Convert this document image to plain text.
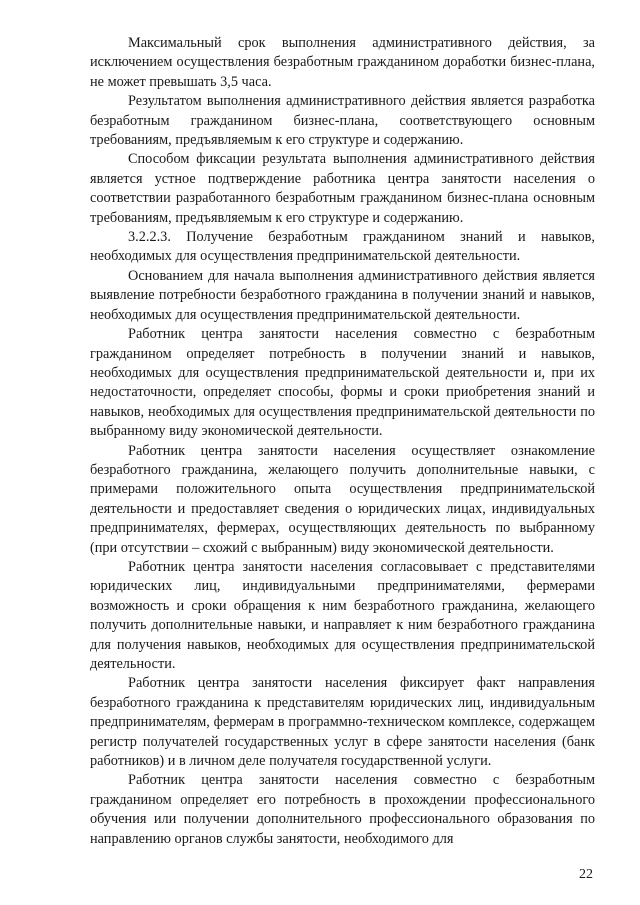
Максимальный срок выполнения административного действия, за исключением осуществления безработным гражданином доработки бизнес-плана, не может превышать 3,5 часа.

Результатом выполнения административного действия является разработка безработным гражданином бизнес-плана, соответствующего основным требованиям, предъявляемым к его структуре и содержанию.

Способом фиксации результата выполнения административного действия является устное подтверждение работника центра занятости населения о соответствии разработанного безработным гражданином бизнес-плана основным требованиям, предъявляемым к его структуре и содержанию.

3.2.2.3. Получение безработным гражданином знаний и навыков, необходимых для осуществления предпринимательской деятельности.

Основанием для начала выполнения административного действия является выявление потребности безработного гражданина в получении знаний и навыков, необходимых для осуществления предпринимательской деятельности.

Работник центра занятости населения совместно с безработным гражданином определяет потребность в получении знаний и навыков, необходимых для осуществления предпринимательской деятельности и, при их недостаточности, определяет способы, формы и сроки приобретения знаний и навыков, необходимых для осуществления предпринимательской деятельности по выбранному виду экономической деятельности.

Работник центра занятости населения осуществляет ознакомление безработного гражданина, желающего получить дополнительные навыки, с примерами положительного опыта осуществления предпринимательской деятельности и предоставляет сведения о юридических лицах, индивидуальных предпринимателях, фермерах, осуществляющих деятельность по выбранному (при отсутствии – схожий с выбранным) виду экономической деятельности.

Работник центра занятости населения согласовывает с представителями юридических лиц, индивидуальными предпринимателями, фермерами возможность и сроки обращения к ним безработного гражданина, желающего получить дополнительные навыки, и направляет к ним безработного гражданина для получения навыков, необходимых для осуществления предпринимательской деятельности.

Работник центра занятости населения фиксирует факт направления безработного гражданина к представителям юридических лиц, индивидуальным предпринимателям, фермерам в программно-техническом комплексе, содержащем регистр получателей государственных услуг в сфере занятости населения (банк работников) и в личном деле получателя государственной услуги.

Работник центра занятости населения совместно с безработным гражданином определяет его потребность в прохождении профессионального обучения или получении дополнительного профессионального образования по направлению органов службы занятости, необходимого для

22
